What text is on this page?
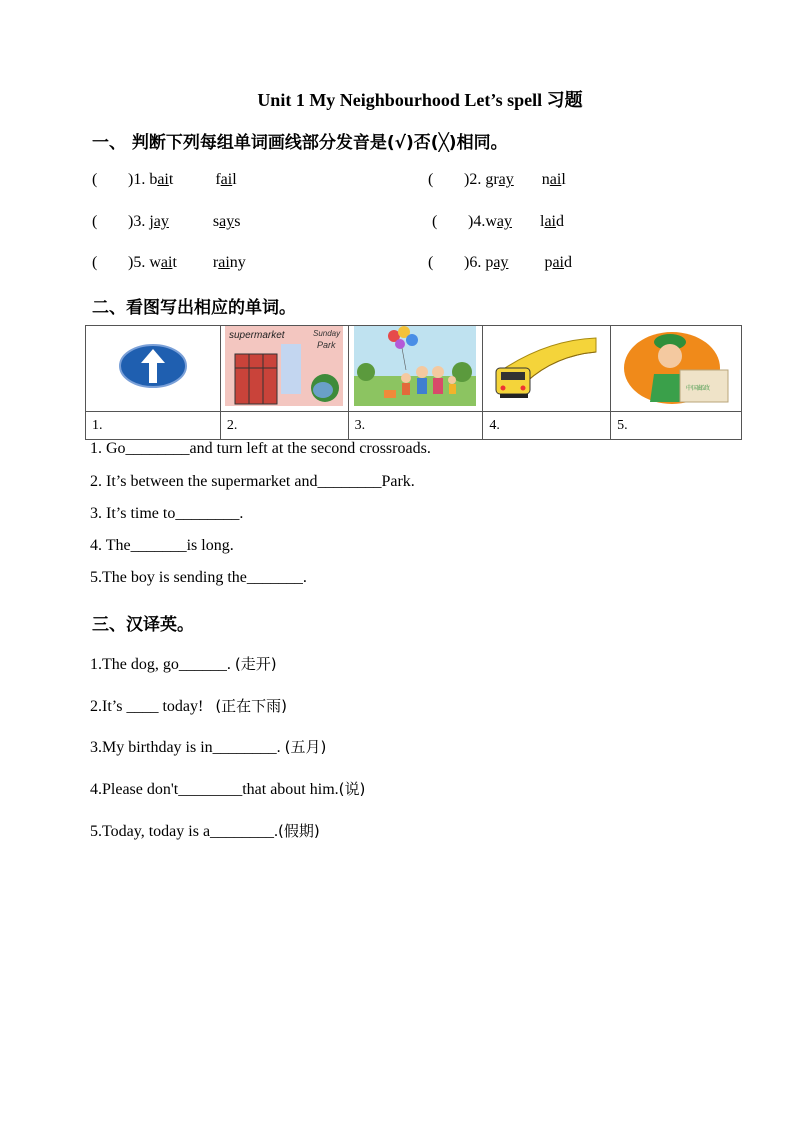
Unit 1 My Neighbourhood Let’s spell 习题
一、 判断下列每组单词画线部分发音是(√)否(╳)相同。
( )1. bait	fail	( )2. gray nail
( )3. jay	says	( )4.way laid
( )5. wait rainy	( )6. pay paid
二、看图写出相应的单词。

supermarket Sunday
Park			中国邮政

1.	2.	3.	4.	5.
1. Go________and turn left at the second crossroads.
2. It’s between the supermarket and________Park.
3. It’s time to________.
4. The_______is long.
5.The boy is sending the_______.
三、汉译英。
1.The dog, go______. (走开)
2.It’s ____ today!   (正在下雨)
3.My birthday is in________. (五月)
4.Please don't________that about him.(说)
5.Today, today is a________.(假期)
